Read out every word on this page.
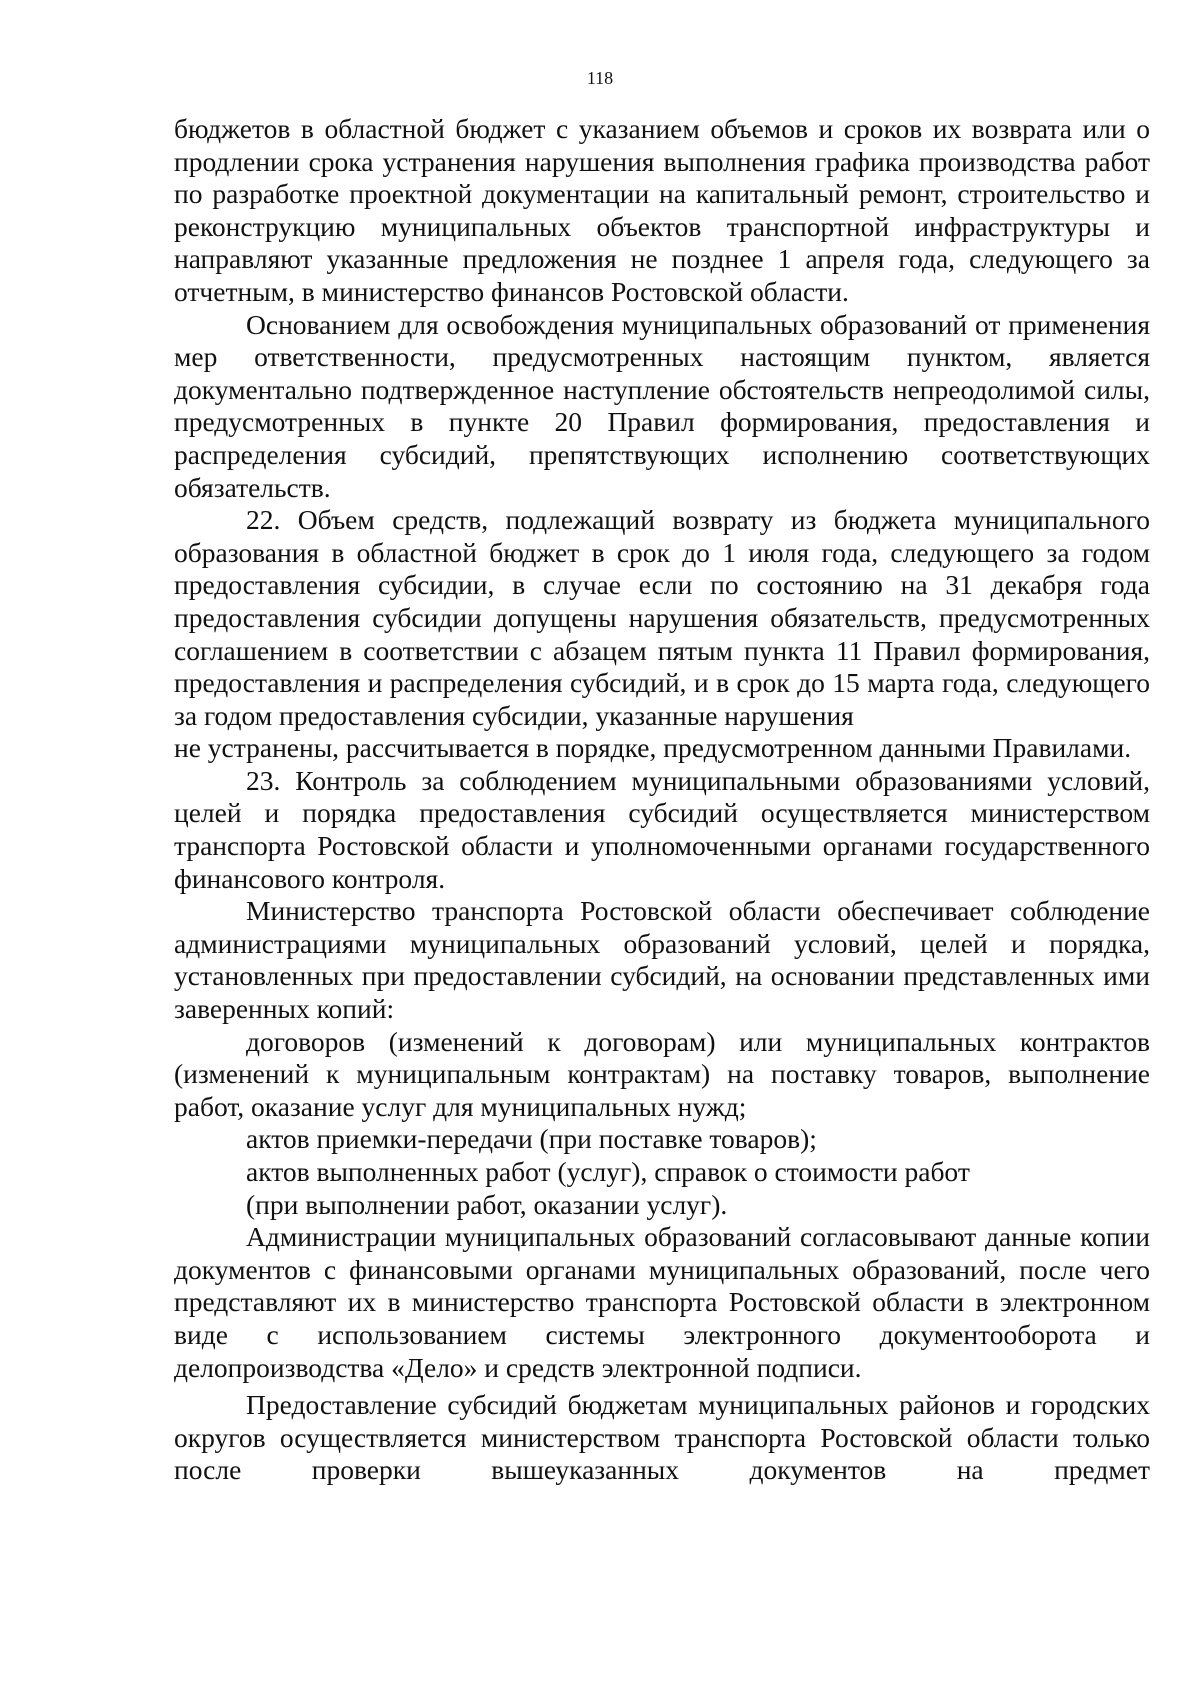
118

бюджетов в областной бюджет с указанием объемов и сроков их возврата или о продлении срока устранения нарушения выполнения графика производства работ по разработке проектной документации на капитальный ремонт, строительство и реконструкцию муниципальных объектов транспортной инфраструктуры и направляют указанные предложения не позднее 1 апреля года, следующего за отчетным, в министерство финансов Ростовской области.

Основанием для освобождения муниципальных образований от применения мер ответственности, предусмотренных настоящим пунктом, является документально подтвержденное наступление обстоятельств непреодолимой силы, предусмотренных в пункте 20 Правил формирования, предоставления и распределения субсидий, препятствующих исполнению соответствующих обязательств.

22. Объем средств, подлежащий возврату из бюджета муниципального образования в областной бюджет в срок до 1 июля года, следующего за годом предоставления субсидии, в случае если по состоянию на 31 декабря года предоставления субсидии допущены нарушения обязательств, предусмотренных соглашением в соответствии с абзацем пятым пункта 11 Правил формирования, предоставления и распределения субсидий, и в срок до 15 марта года, следующего за годом предоставления субсидии, указанные нарушения

не устранены, рассчитывается в порядке, предусмотренном данными Правилами.

23. Контроль за соблюдением муниципальными образованиями условий, целей и порядка предоставления субсидий осуществляется министерством транспорта Ростовской области и уполномоченными органами государственного финансового контроля.

Министерство транспорта Ростовской области обеспечивает соблюдение администрациями муниципальных образований условий, целей и порядка, установленных при предоставлении субсидий, на основании представленных ими заверенных копий:

договоров (изменений к договорам) или муниципальных контрактов (изменений к муниципальным контрактам) на поставку товаров, выполнение работ, оказание услуг для муниципальных нужд;

актов приемки-передачи (при поставке товаров);

актов выполненных работ (услуг), справок о стоимости работ

(при выполнении работ, оказании услуг).

Администрации муниципальных образований согласовывают данные копии документов с финансовыми органами муниципальных образований, после чего представляют их в министерство транспорта Ростовской области в электронном виде с использованием системы электронного документооборота и делопроизводства «Дело» и средств электронной подписи.

Предоставление субсидий бюджетам муниципальных районов и городских округов осуществляется министерством транспорта Ростовской области только после проверки вышеуказанных документов на предмет
